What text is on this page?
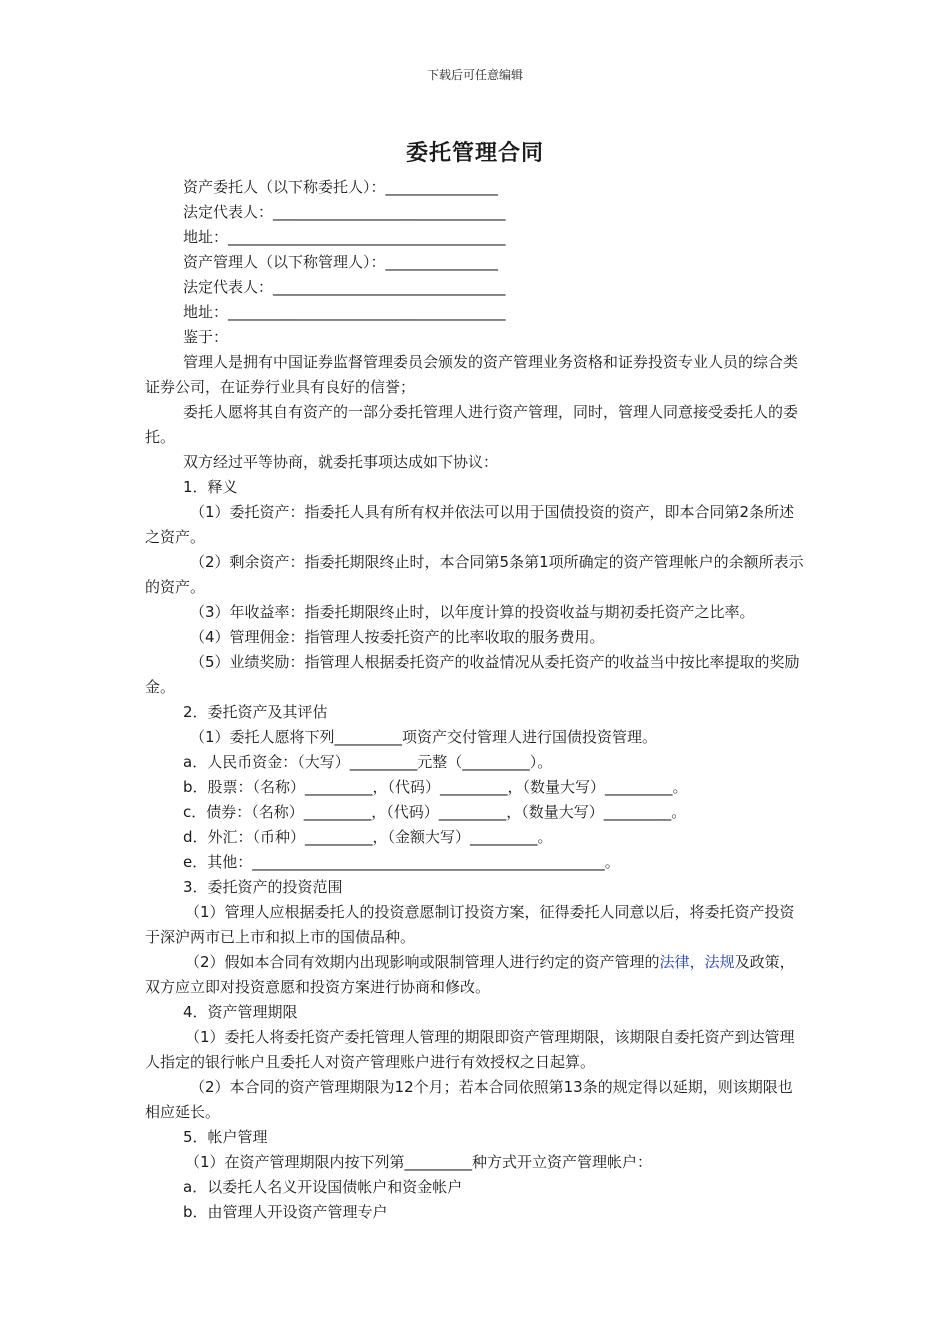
下载后可任意编辑
委托管理合同

资产委托人（以下称委托人）：_______________

法定代表人：_______________________________

地址：_____________________________________

资产管理人（以下称管理人）：_______________

法定代表人：_______________________________

地址：_____________________________________

鉴于：

管理人是拥有中国证券监督管理委员会颁发的资产管理业务资格和证券投资专业人员的综合类证券公司，在证券行业具有良好的信誉；

委托人愿将其自有资产的一部分委托管理人进行资产管理，同时，管理人同意接受委托人的委托。

双方经过平等协商，就委托事项达成如下协议：

1．释义

（1）委托资产：指委托人具有所有权并依法可以用于国债投资的资产，即本合同第2条所述之资产。

（2）剩余资产：指委托期限终止时，本合同第5条第1项所确定的资产管理帐户的余额所表示的资产。

（3）年收益率：指委托期限终止时，以年度计算的投资收益与期初委托资产之比率。

（4）管理佣金：指管理人按委托资产的比率收取的服务费用。

（5）业绩奖励：指管理人根据委托资产的收益情况从委托资产的收益当中按比率提取的奖励金。

2．委托资产及其评估

（1）委托人愿将下列_________项资产交付管理人进行国债投资管理。

a．人民币资金：（大写）_________元整（_________）。

b．股票：（名称）_________，（代码）_________，（数量大写）_________。

c．债券：（名称）_________，（代码）_________，（数量大写）_________。

d．外汇：（币种）_________，（金额大写）_________。

e．其他：_______________________________________________。

3．委托资产的投资范围

（1）管理人应根据委托人的投资意愿制订投资方案，征得委托人同意以后，将委托资产投资于深沪两市已上市和拟上市的国债品种。

（2）假如本合同有效期内出现影响或限制管理人进行约定的资产管理的法律，法规及政策，双方应立即对投资意愿和投资方案进行协商和修改。

4．资产管理期限

（1）委托人将委托资产委托管理人管理的期限即资产管理期限，该期限自委托资产到达管理人指定的银行帐户且委托人对资产管理账户进行有效授权之日起算。

（2）本合同的资产管理期限为12个月；若本合同依照第13条的规定得以延期，则该期限也相应延长。

5．帐户管理

（1）在资产管理期限内按下列第_________种方式开立资产管理帐户：

a．以委托人名义开设国债帐户和资金帐户

b．由管理人开设资产管理专户
